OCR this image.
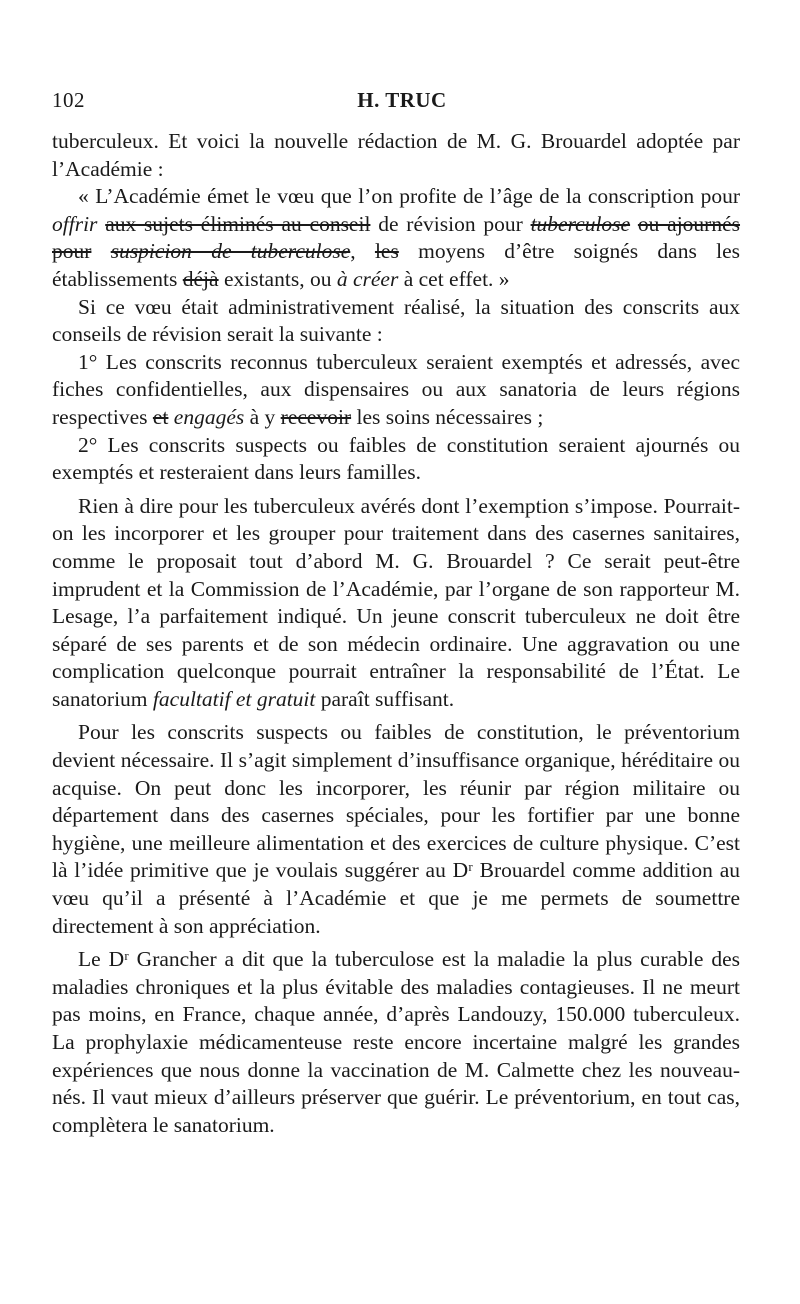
102	H. TRUC

tuberculeux. Et voici la nouvelle rédaction de M. G. Brouardel adoptée par l’Académie :

« L’Académie émet le vœu que l’on profite de l’âge de la conscription pour offrir aux sujets éliminés au conseil de révision pour tuberculose ou ajournés pour suspicion de tuberculose, les moyens d’être soignés dans les établissements déjà existants, ou à créer à cet effet. »

Si ce vœu était administrativement réalisé, la situation des conscrits aux conseils de révision serait la suivante :

1° Les conscrits reconnus tuberculeux seraient exemptés et adressés, avec fiches confidentielles, aux dispensaires ou aux sanatoria de leurs régions respectives et engagés à y recevoir les soins nécessaires ;

2° Les conscrits suspects ou faibles de constitution seraient ajournés ou exemptés et resteraient dans leurs familles.

Rien à dire pour les tuberculeux avérés dont l’exemption s’impose. Pourrait-on les incorporer et les grouper pour traitement dans des casernes sanitaires, comme le proposait tout d’abord M. G. Brouardel ? Ce serait peut-être imprudent et la Commission de l’Académie, par l’organe de son rapporteur M. Lesage, l’a parfaitement indiqué. Un jeune conscrit tuberculeux ne doit être séparé de ses parents et de son médecin ordinaire. Une aggravation ou une complication quelconque pourrait entraîner la responsabilité de l’État. Le sanatorium facultatif et gratuit paraît suffisant.

Pour les conscrits suspects ou faibles de constitution, le préventorium devient nécessaire. Il s’agit simplement d’insuffisance organique, héréditaire ou acquise. On peut donc les incorporer, les réunir par région militaire ou département dans des casernes spéciales, pour les fortifier par une bonne hygiène, une meilleure alimentation et des exercices de culture physique. C’est là l’idée primitive que je voulais suggérer au Dʳ Brouardel comme addition au vœu qu’il a présenté à l’Académie et que je me permets de soumettre directement à son appréciation.

Le Dʳ Grancher a dit que la tuberculose est la maladie la plus curable des maladies chroniques et la plus évitable des maladies contagieuses. Il ne meurt pas moins, en France, chaque année, d’après Landouzy, 150.000 tuberculeux. La prophylaxie médicamenteuse reste encore incertaine malgré les grandes expériences que nous donne la vaccination de M. Calmette chez les nouveau-nés. Il vaut mieux d’ailleurs préserver que guérir. Le préventorium, en tout cas, complètera le sanatorium.
